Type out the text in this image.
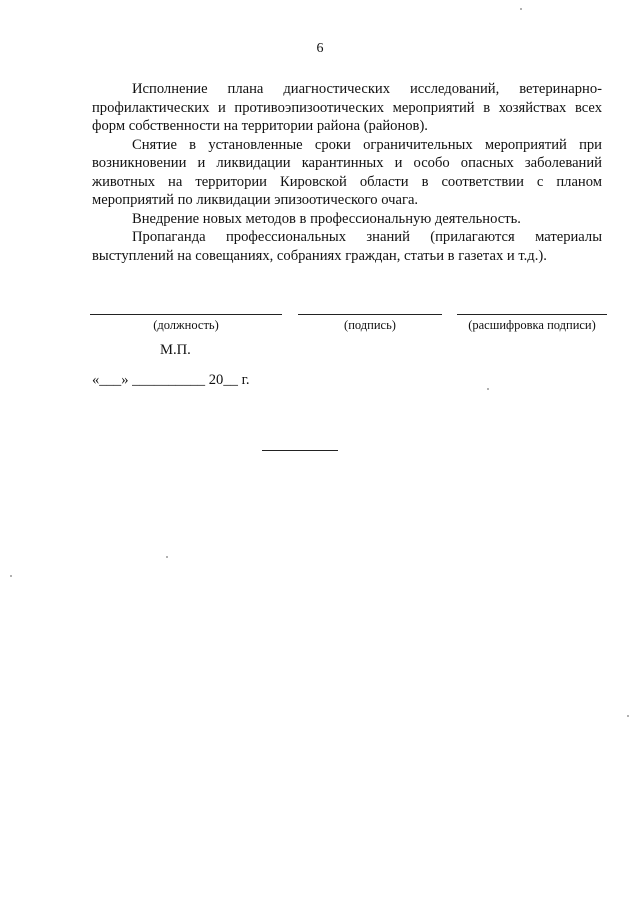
6

Исполнение плана диагностических исследований, ветеринарно-профилактических и противоэпизоотических мероприятий в хозяйствах всех форм собственности на территории района (районов).

Снятие в установленные сроки ограничительных мероприятий при возникновении и ликвидации карантинных и особо опасных заболеваний животных на территории Кировской области в соответствии с планом мероприятий по ликвидации эпизоотического очага.

Внедрение новых методов в профессиональную деятельность.

Пропаганда профессиональных знаний (прилагаются материалы выступлений на совещаниях, собраниях граждан, статьи в газетах и т.д.).

(должность)	(подпись)	(расшифровка подписи)
М.П.
«___» __________ 20__ г.
